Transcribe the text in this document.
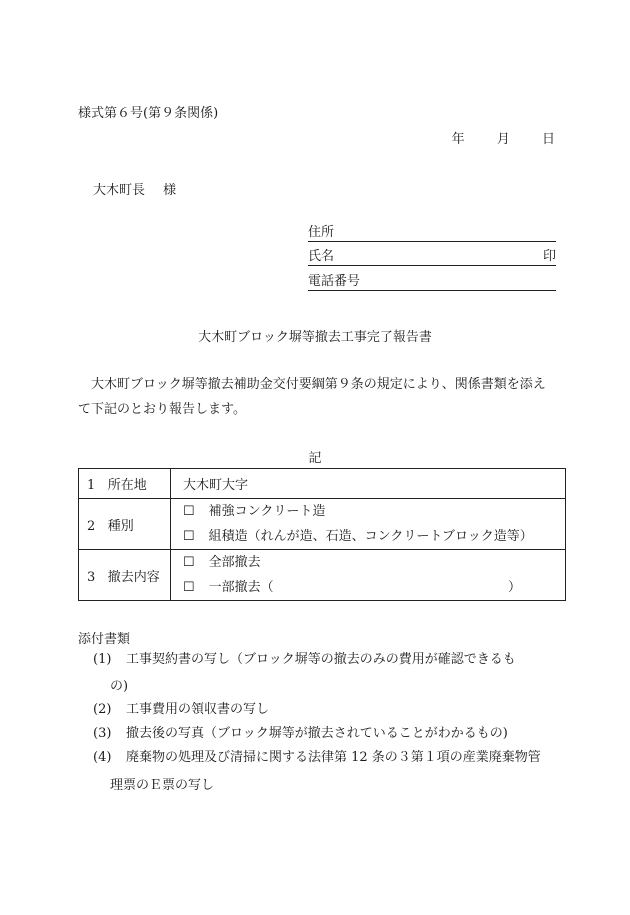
様式第６号(第９条関係)
年 月 日
大木町長 様
住所
氏名	印
電話番号
大木町ブロック塀等撤去工事完了報告書
大木町ブロック塀等撤去補助金交付要綱第９条の規定により、関係書類を添えて下記のとおり報告します。
記
1 所在地	大木町大字
2 種別	☐ 補強コンクリート造
☐ 組積造（れんが造、石造、コンクリートブロック造等）

3 撤去内容	☐ 全部撤去
☐ 一部撤去（ ）
添付書類
(1) 工事契約書の写し（ブロック塀等の撤去のみの費用が確認できるも
の)
(2) 工事費用の領収書の写し
(3) 撤去後の写真（ブロック塀等が撤去されていることがわかるもの)
(4) 廃棄物の処理及び清掃に関する法律第 12 条の３第１項の産業廃棄物管
理票のＥ票の写し
